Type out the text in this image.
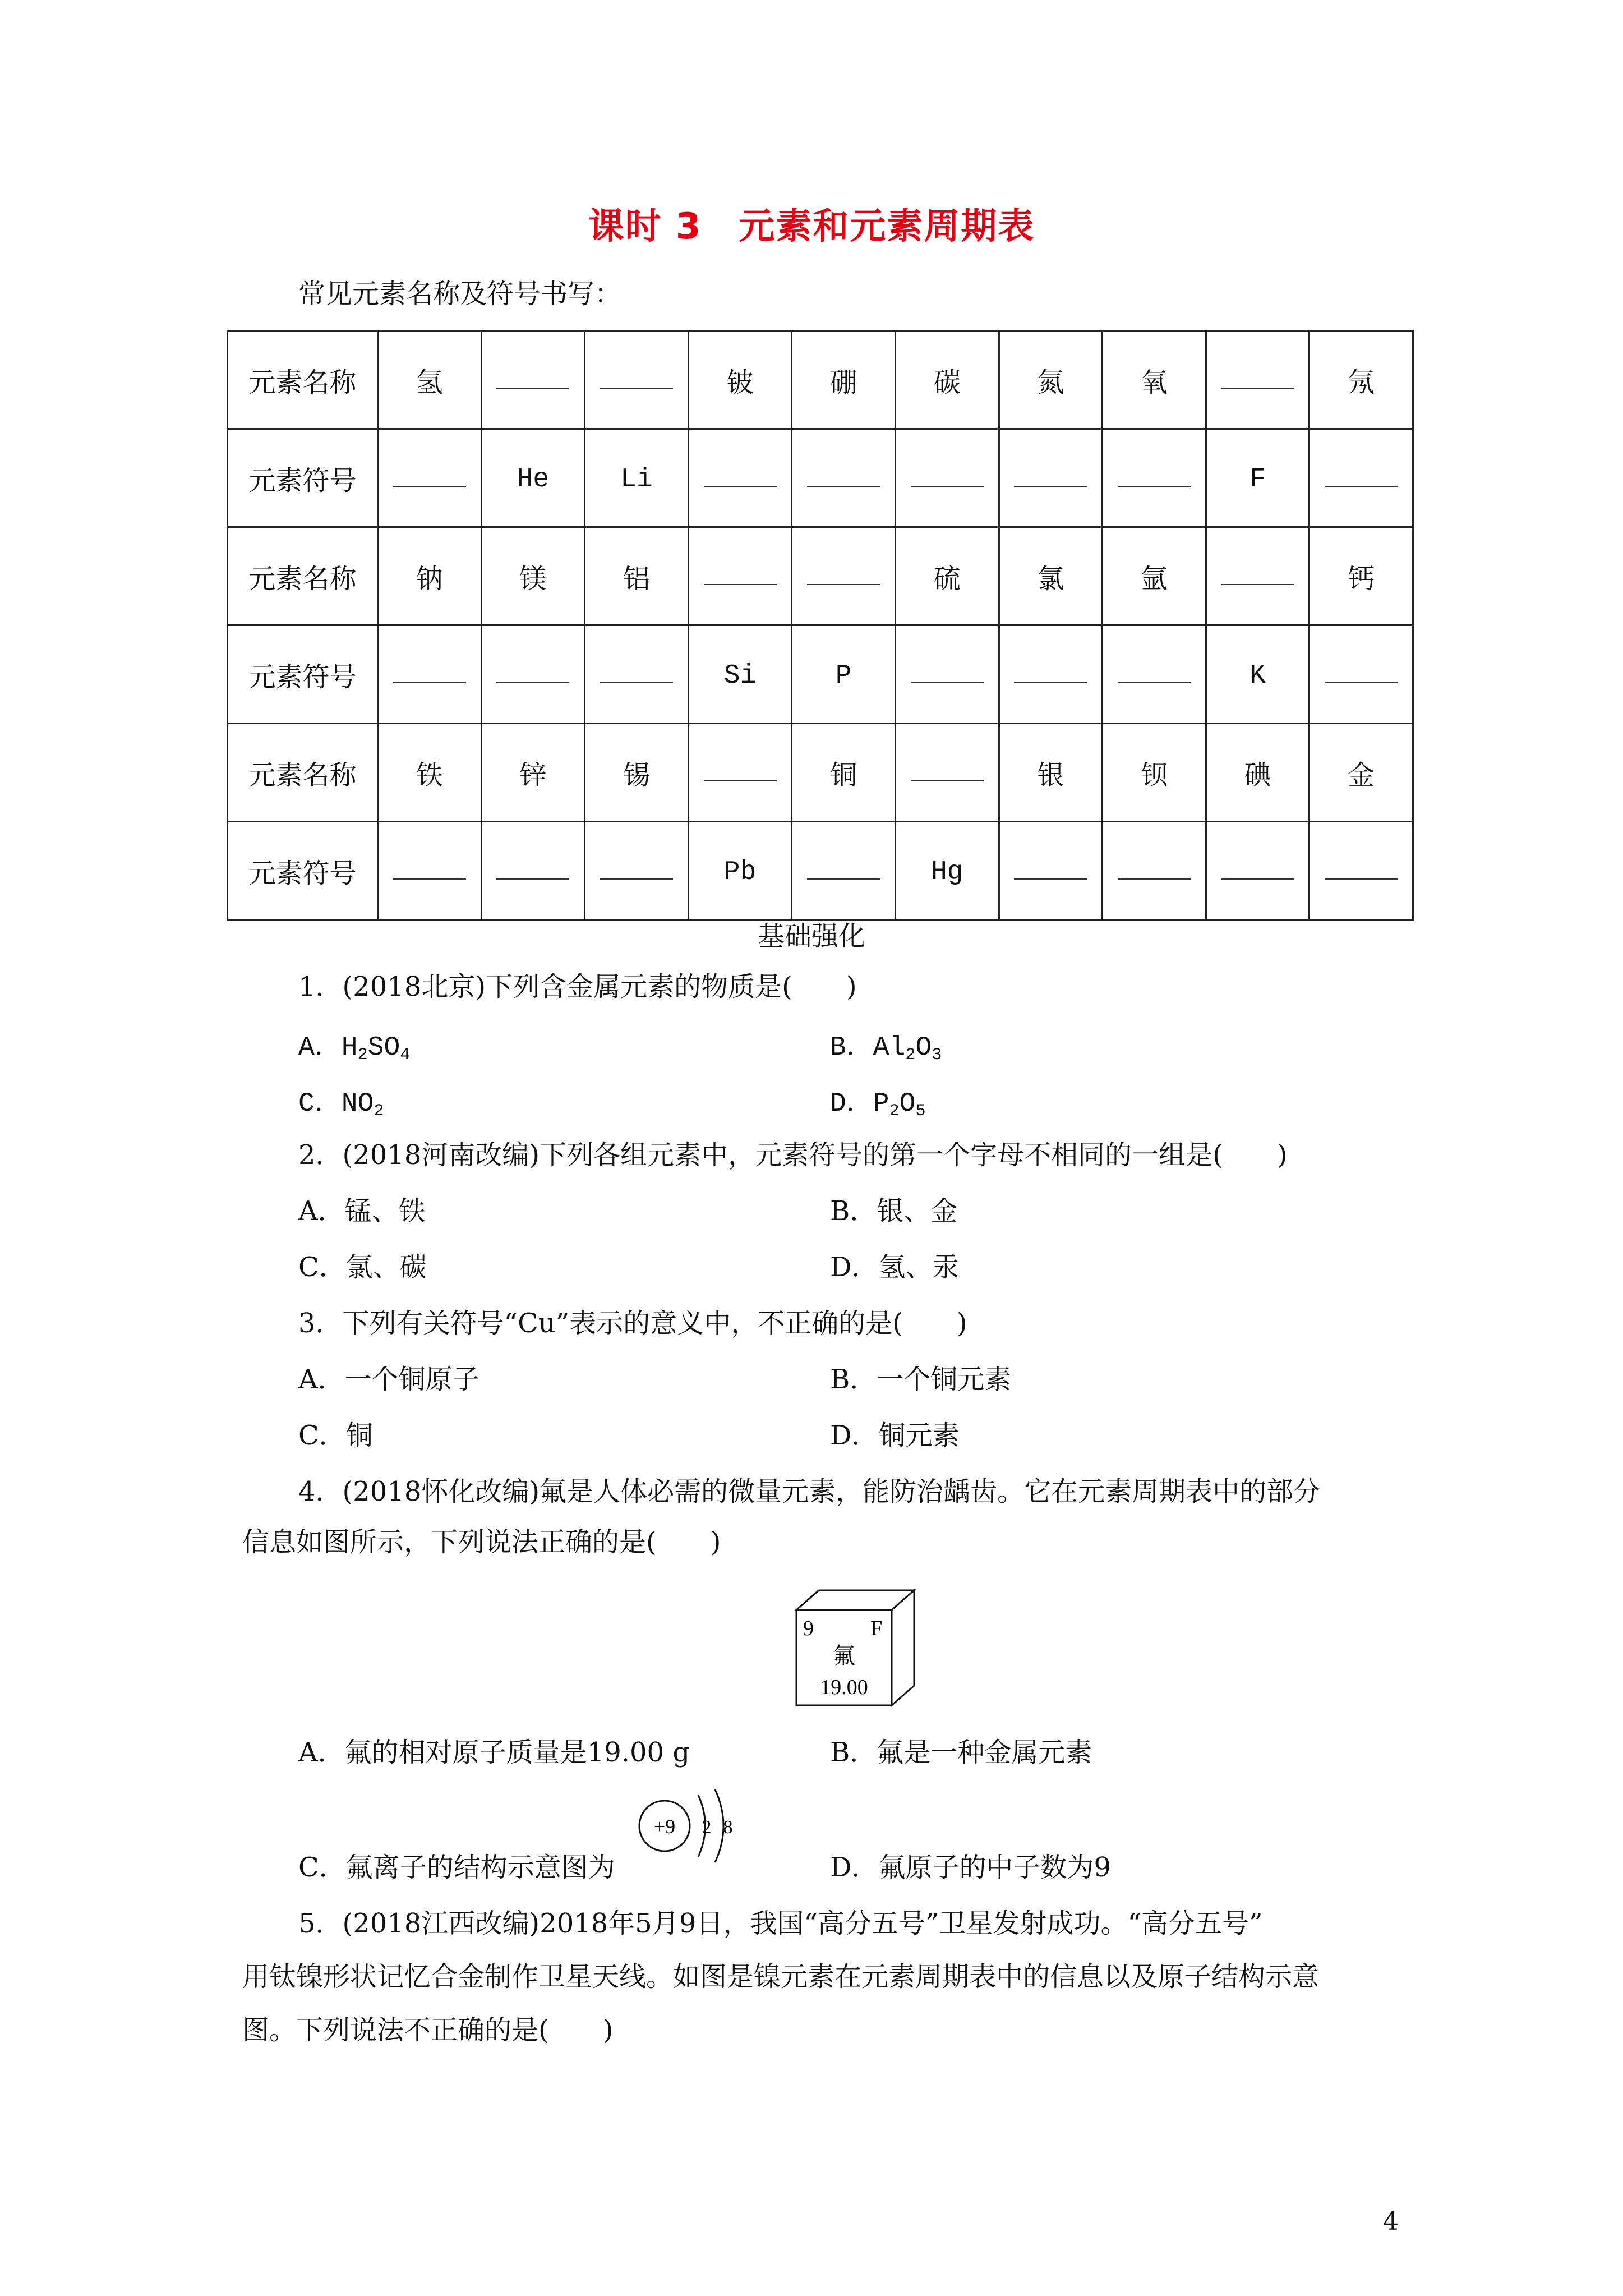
课时 3　元素和元素周期表
常见元素名称及符号书写：
元素名称	氢			铍	硼	碳	氮	氧		氖
元素符号		He	Li						F	
元素名称	钠	镁	铝			硫	氯	氩		钙
元素符号				Si	P				K	
元素名称	铁	锌	锡		铜		银	钡	碘	金
元素符号				Pb		Hg				
基础强化
1．(2018北京)下列含金属元素的物质是(　　)
A．$H_2SO_4$	B．$Al_2O_3$
C．$NO_2$	D．$P_2O_5$
2．(2018河南改编)下列各组元素中，元素符号的第一个字母不相同的一组是(　　)
A．锰、铁	B．银、金
C．氯、碳	D．氢、汞
3．下列有关符号“Cu”表示的意义中，不正确的是(　　)
A．一个铜原子	B．一个铜元素
C．铜	D．铜元素
4．(2018怀化改编)氟是人体必需的微量元素，能防治龋齿。它在元素周期表中的部分
信息如图所示，下列说法正确的是(　　)
9	F
氟
19.00
A．氟的相对原子质量是19.00 g	B．氟是一种金属元素
C．氟离子的结构示意图为
+9 2 8
D．氟原子的中子数为9
5．(2018江西改编)2018年5月9日，我国“高分五号”卫星发射成功。“高分五号”
用钛镍形状记忆合金制作卫星天线。如图是镍元素在元素周期表中的信息以及原子结构示意
图。下列说法不正确的是(　　)
4
